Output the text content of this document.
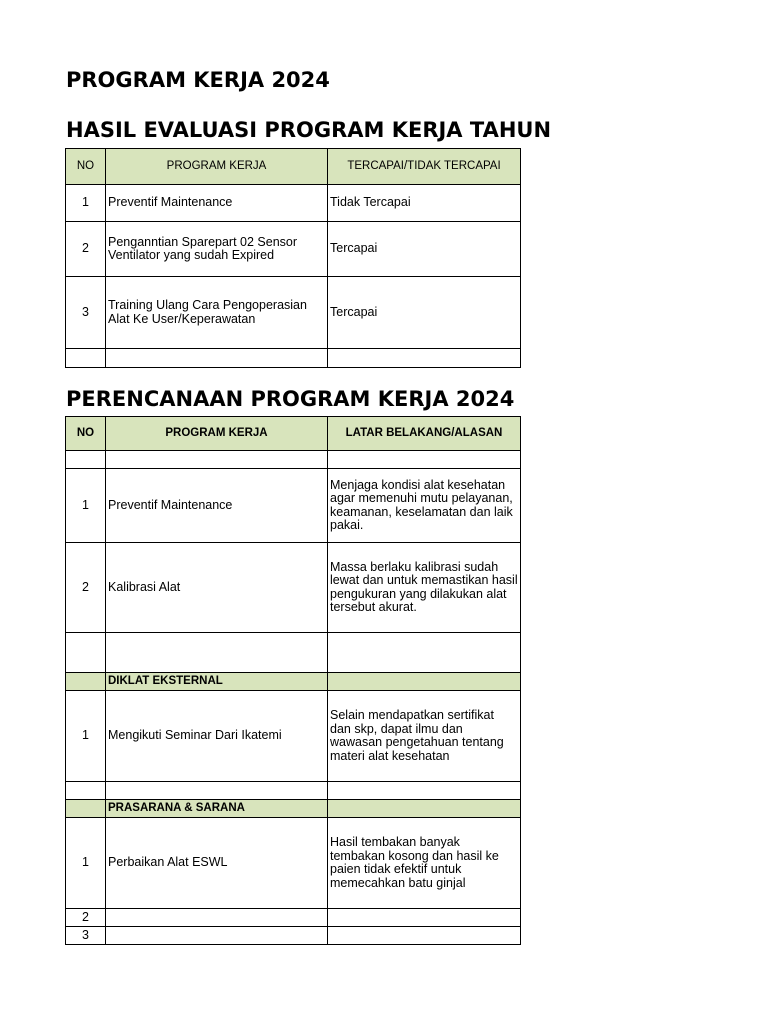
PROGRAM KERJA 2024
HASIL EVALUASI PROGRAM KERJA TAHUN
NO	PROGRAM KERJA	TERCAPAI/TIDAK TERCAPAI
1	Preventif Maintenance	Tidak Tercapai
2	Penganntian Sparepart 02 Sensor Ventilator yang sudah Expired	Tercapai
3	Training Ulang Cara Pengoperasian Alat Ke User/Keperawatan	Tercapai

PERENCANAAN PROGRAM KERJA 2024
NO	PROGRAM KERJA	LATAR BELAKANG/ALASAN

1	Preventif Maintenance	Menjaga kondisi alat kesehatan agar memenuhi mutu pelayanan, keamanan, keselamatan dan laik pakai.
2	Kalibrasi Alat	Massa berlaku kalibrasi sudah lewat dan untuk memastikan hasil pengukuran yang dilakukan alat tersebut akurat.

	DIKLAT EKSTERNAL	
1	Mengikuti Seminar Dari Ikatemi	Selain mendapatkan sertifikat dan skp, dapat ilmu dan wawasan pengetahuan tentang materi alat kesehatan

	PRASARANA & SARANA	
1	Perbaikan Alat ESWL	Hasil tembakan banyak tembakan kosong dan hasil ke paien tidak efektif untuk memecahkan batu ginjal
2		
3		
